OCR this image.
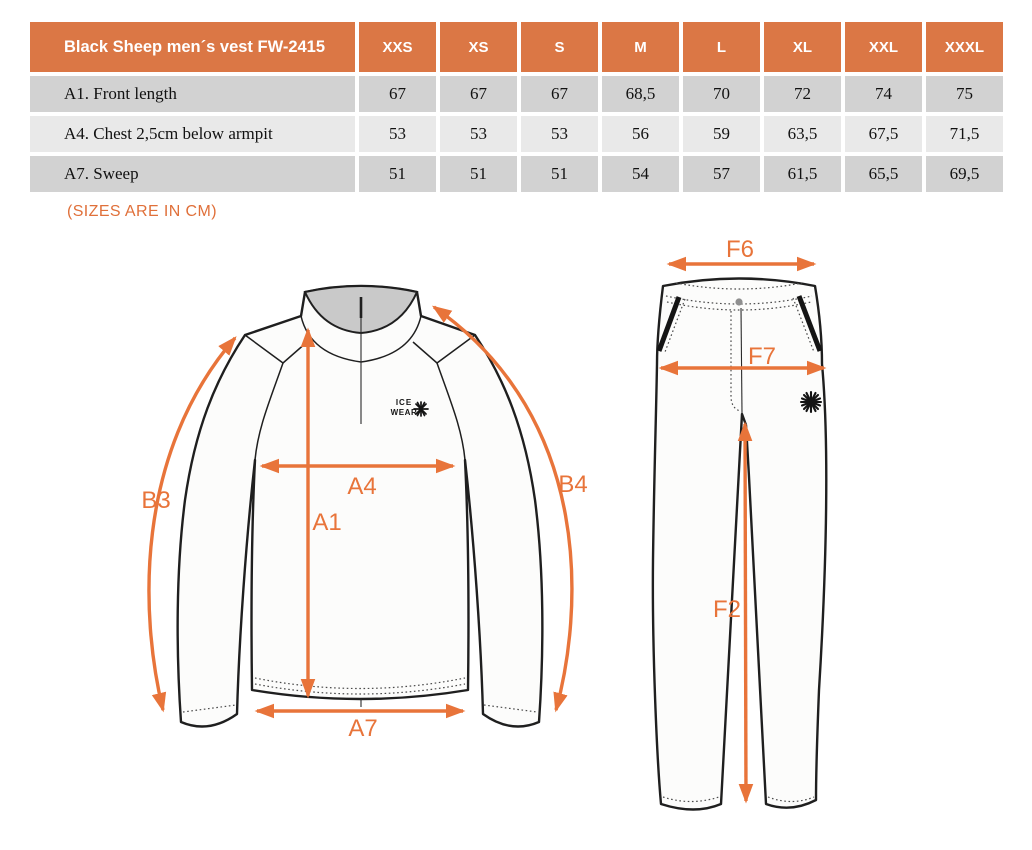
Black Sheep men´s vest FW-2415	XXS	XS	S	M	L	XL	XXL	XXXL
A1. Front length	67	67	67	68,5	70	72	74	75
A4. Chest 2,5cm below armpit	53	53	53	56	59	63,5	67,5	71,5
A7. Sweep	51	51	51	54	57	61,5	65,5	69,5
(SIZES ARE IN CM)
ICE
WEAR
B3
B4
A4
A1
A7
F6
F7
F2
